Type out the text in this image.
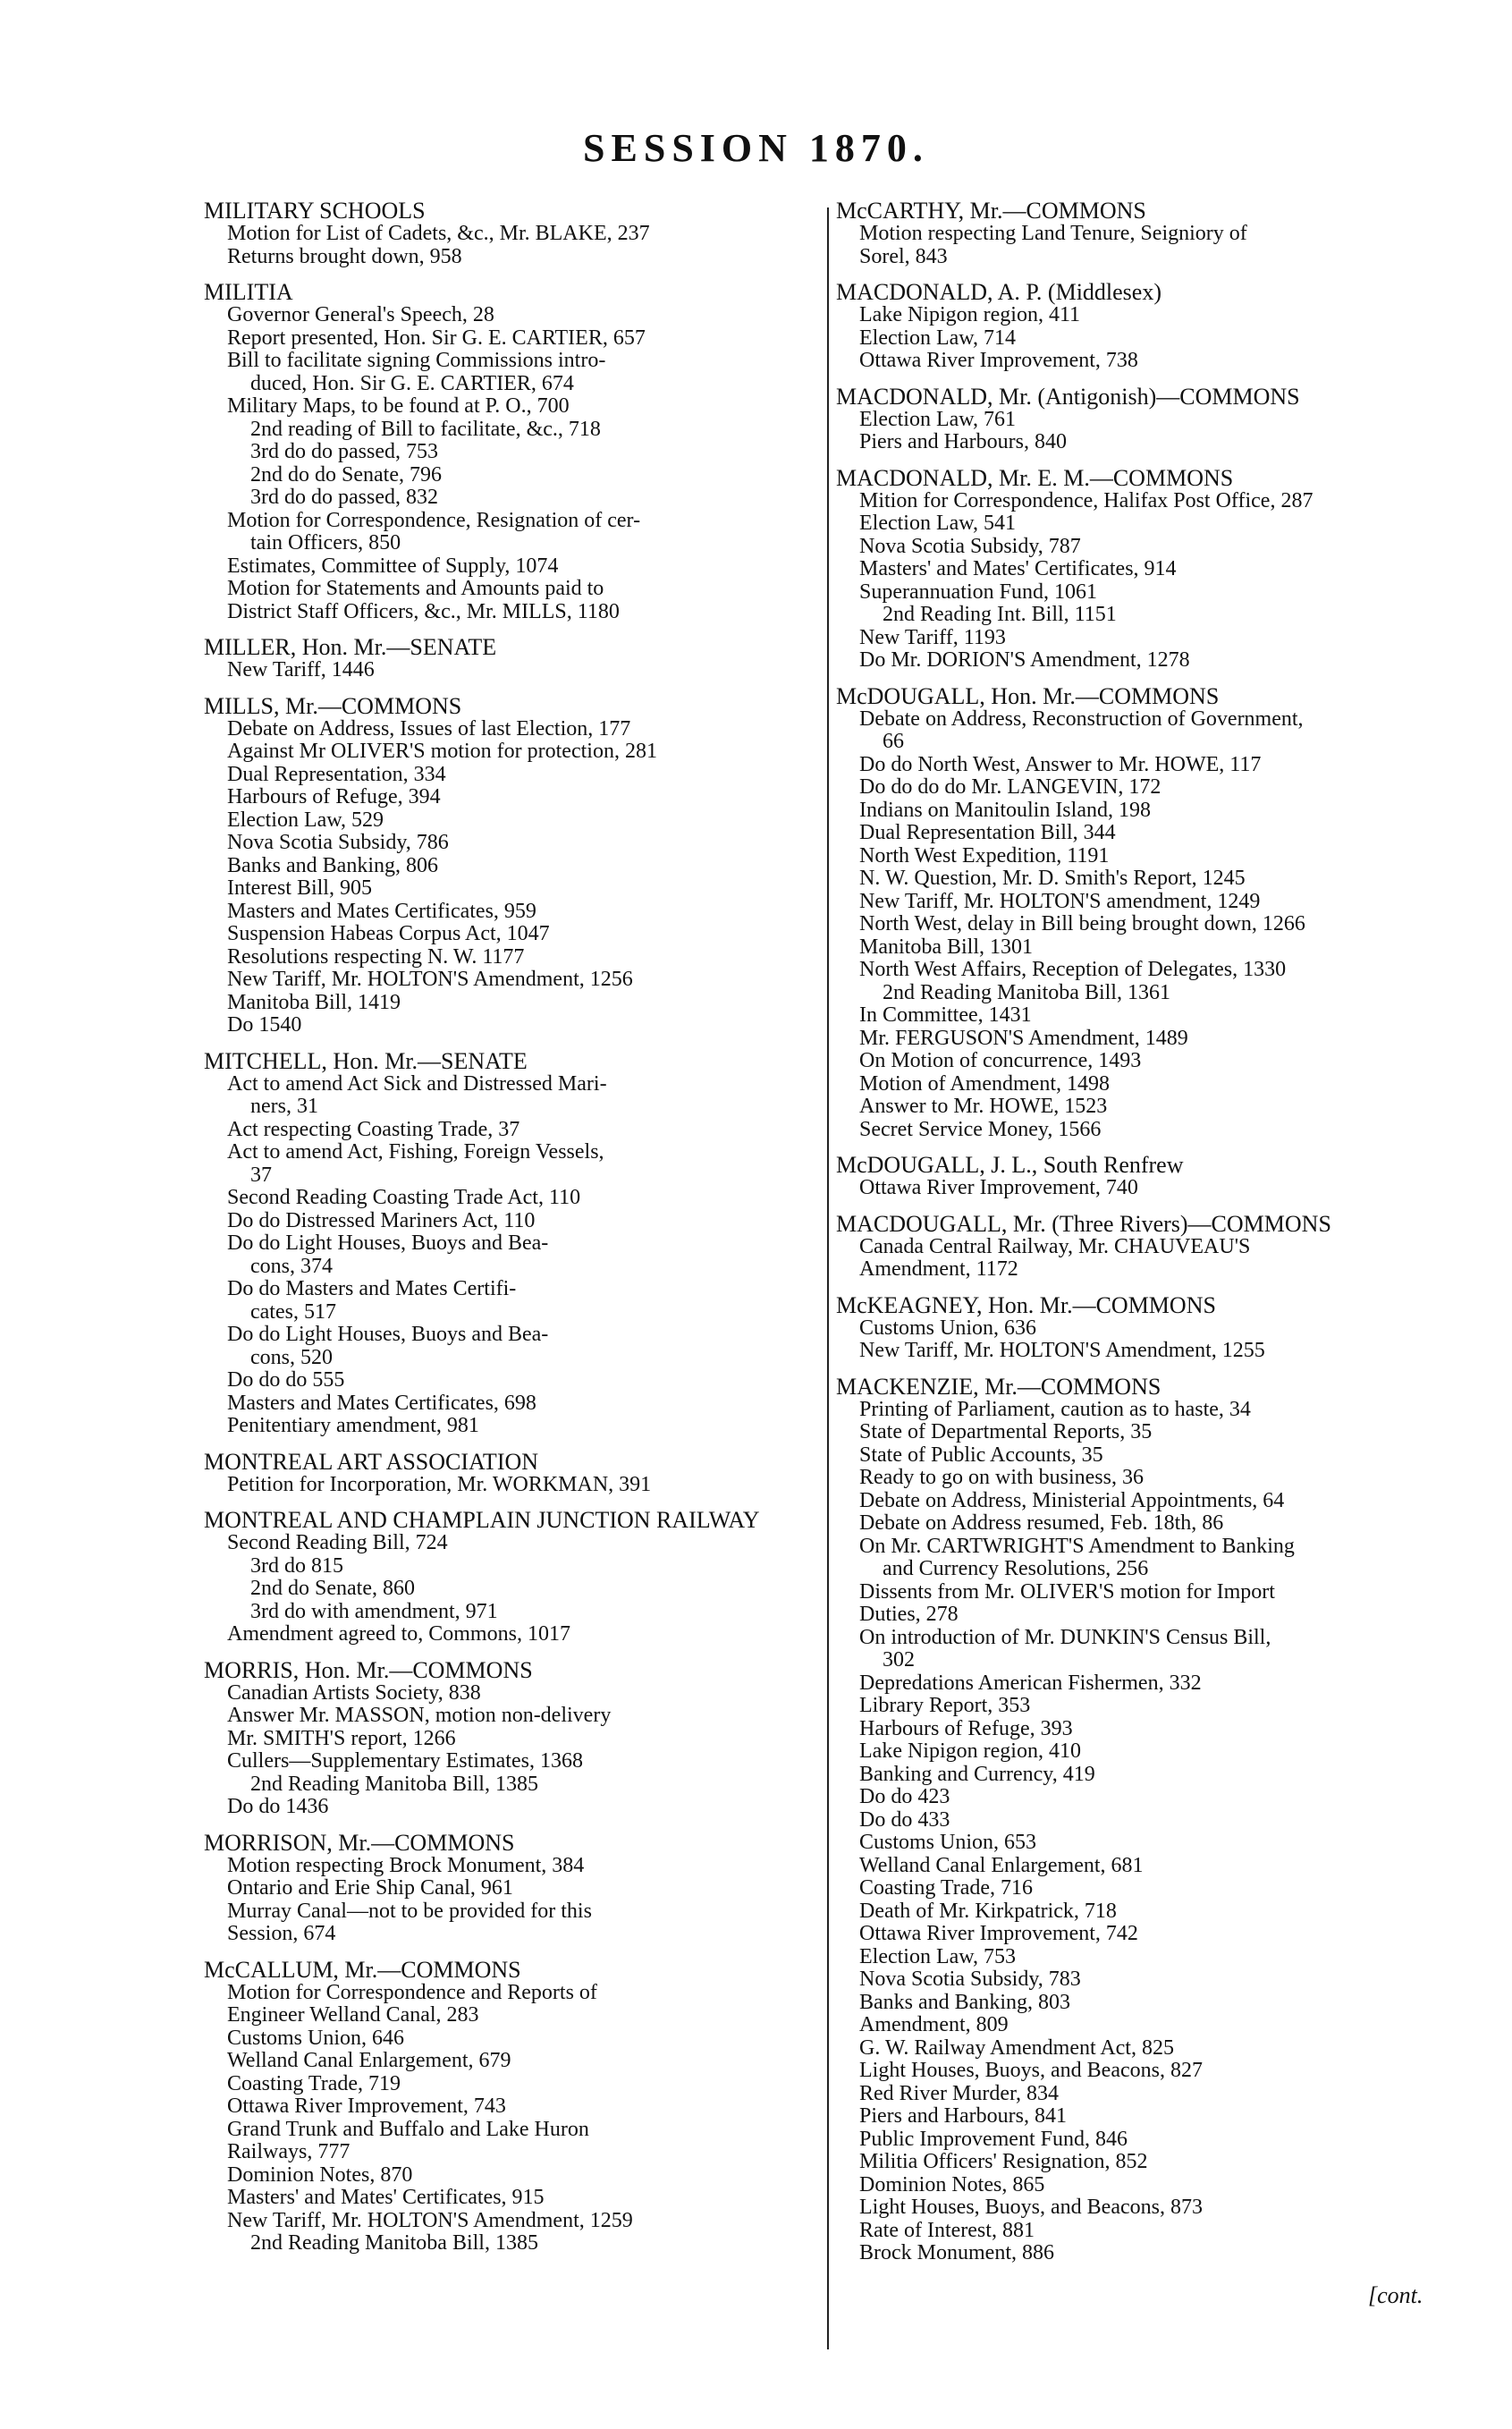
SESSION 1870.
MILITARY SCHOOLS
Motion for List of Cadets, &c., Mr. BLAKE, 237
Returns brought down, 958
MILITIA
Governor General's Speech, 28
Report presented, Hon. Sir G. E. CARTIER, 657
Bill to facilitate signing Commissions intro-
duced, Hon. Sir G. E. CARTIER, 674
Military Maps, to be found at P. O., 700
2nd reading of Bill to facilitate, &c., 718
3rd do do passed, 753
2nd do do Senate, 796
3rd do do passed, 832
Motion for Correspondence, Resignation of cer-
tain Officers, 850
Estimates, Committee of Supply, 1074
Motion for Statements and Amounts paid to
District Staff Officers, &c., Mr. MILLS, 1180
MILLER, Hon. Mr.—SENATE
New Tariff, 1446
MILLS, Mr.—COMMONS
Debate on Address, Issues of last Election, 177
Against Mr OLIVER'S motion for protection, 281
Dual Representation, 334
Harbours of Refuge, 394
Election Law, 529
Nova Scotia Subsidy, 786
Banks and Banking, 806
Interest Bill, 905
Masters and Mates Certificates, 959
Suspension Habeas Corpus Act, 1047
Resolutions respecting N. W. 1177
New Tariff, Mr. HOLTON'S Amendment, 1256
Manitoba Bill, 1419
Do 1540
MITCHELL, Hon. Mr.—SENATE
Act to amend Act Sick and Distressed Mari-
ners, 31
Act respecting Coasting Trade, 37
Act to amend Act, Fishing, Foreign Vessels,
37
Second Reading Coasting Trade Act, 110
Do do Distressed Mariners Act, 110
Do do Light Houses, Buoys and Bea-
cons, 374
Do do Masters and Mates Certifi-
cates, 517
Do do Light Houses, Buoys and Bea-
cons, 520
Do do do 555
Masters and Mates Certificates, 698
Penitentiary amendment, 981
MONTREAL ART ASSOCIATION
Petition for Incorporation, Mr. WORKMAN, 391
MONTREAL AND CHAMPLAIN JUNCTION RAILWAY
Second Reading Bill, 724
3rd do 815
2nd do Senate, 860
3rd do with amendment, 971
Amendment agreed to, Commons, 1017
MORRIS, Hon. Mr.—COMMONS
Canadian Artists Society, 838
Answer Mr. MASSON, motion non-delivery
Mr. SMITH'S report, 1266
Cullers—Supplementary Estimates, 1368
2nd Reading Manitoba Bill, 1385
Do do 1436
MORRISON, Mr.—COMMONS
Motion respecting Brock Monument, 384
Ontario and Erie Ship Canal, 961
Murray Canal—not to be provided for this
Session, 674
McCALLUM, Mr.—COMMONS
Motion for Correspondence and Reports of
Engineer Welland Canal, 283
Customs Union, 646
Welland Canal Enlargement, 679
Coasting Trade, 719
Ottawa River Improvement, 743
Grand Trunk and Buffalo and Lake Huron
Railways, 777
Dominion Notes, 870
Masters' and Mates' Certificates, 915
New Tariff, Mr. HOLTON'S Amendment, 1259
2nd Reading Manitoba Bill, 1385
McCARTHY, Mr.—COMMONS
Motion respecting Land Tenure, Seigniory of
Sorel, 843
MACDONALD, A. P. (Middlesex)
Lake Nipigon region, 411
Election Law, 714
Ottawa River Improvement, 738
MACDONALD, Mr. (Antigonish)—COMMONS
Election Law, 761
Piers and Harbours, 840
MACDONALD, Mr. E. M.—COMMONS
Mition for Correspondence, Halifax Post Office, 287
Election Law, 541
Nova Scotia Subsidy, 787
Masters' and Mates' Certificates, 914
Superannuation Fund, 1061
2nd Reading Int. Bill, 1151
New Tariff, 1193
Do Mr. DORION'S Amendment, 1278
McDOUGALL, Hon. Mr.—COMMONS
Debate on Address, Reconstruction of Government,
66
Do do North West, Answer to Mr. HOWE, 117
Do do do do Mr. LANGEVIN, 172
Indians on Manitoulin Island, 198
Dual Representation Bill, 344
North West Expedition, 1191
N. W. Question, Mr. D. Smith's Report, 1245
New Tariff, Mr. HOLTON'S amendment, 1249
North West, delay in Bill being brought down, 1266
Manitoba Bill, 1301
North West Affairs, Reception of Delegates, 1330
2nd Reading Manitoba Bill, 1361
In Committee, 1431
Mr. FERGUSON'S Amendment, 1489
On Motion of concurrence, 1493
Motion of Amendment, 1498
Answer to Mr. HOWE, 1523
Secret Service Money, 1566
McDOUGALL, J. L., South Renfrew
Ottawa River Improvement, 740
MACDOUGALL, Mr. (Three Rivers)—COMMONS
Canada Central Railway, Mr. CHAUVEAU'S
Amendment, 1172
McKEAGNEY, Hon. Mr.—COMMONS
Customs Union, 636
New Tariff, Mr. HOLTON'S Amendment, 1255
MACKENZIE, Mr.—COMMONS
Printing of Parliament, caution as to haste, 34
State of Departmental Reports, 35
State of Public Accounts, 35
Ready to go on with business, 36
Debate on Address, Ministerial Appointments, 64
Debate on Address resumed, Feb. 18th, 86
On Mr. CARTWRIGHT'S Amendment to Banking
and Currency Resolutions, 256
Dissents from Mr. OLIVER'S motion for Import
Duties, 278
On introduction of Mr. DUNKIN'S Census Bill,
302
Depredations American Fishermen, 332
Library Report, 353
Harbours of Refuge, 393
Lake Nipigon region, 410
Banking and Currency, 419
Do do 423
Do do 433
Customs Union, 653
Welland Canal Enlargement, 681
Coasting Trade, 716
Death of Mr. Kirkpatrick, 718
Ottawa River Improvement, 742
Election Law, 753
Nova Scotia Subsidy, 783
Banks and Banking, 803
Amendment, 809
G. W. Railway Amendment Act, 825
Light Houses, Buoys, and Beacons, 827
Red River Murder, 834
Piers and Harbours, 841
Public Improvement Fund, 846
Militia Officers' Resignation, 852
Dominion Notes, 865
Light Houses, Buoys, and Beacons, 873
Rate of Interest, 881
Brock Monument, 886
[cont.
